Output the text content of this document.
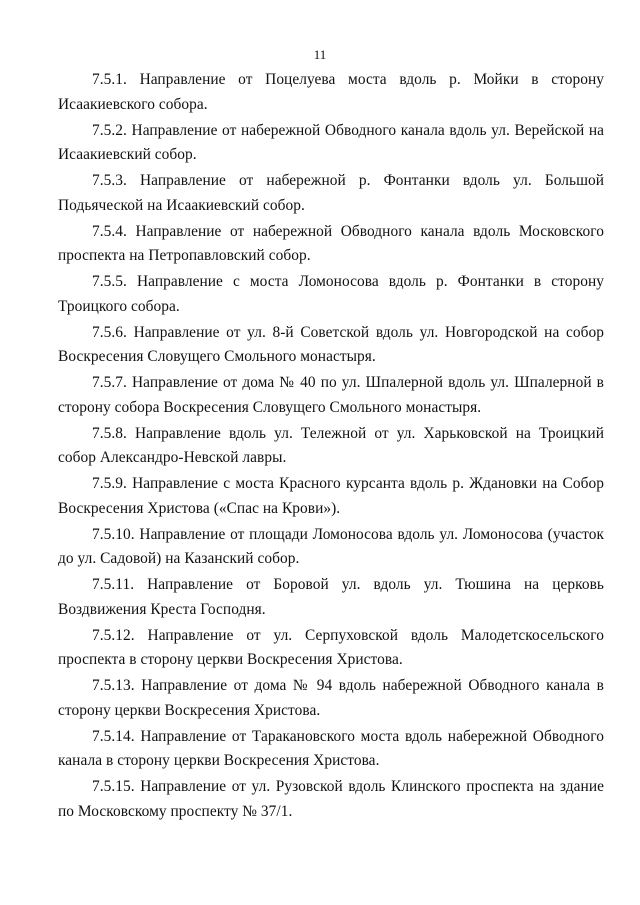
11

7.5.1. Направление от Поцелуева моста вдоль р. Мойки в сторону Исаакиевского собора.

7.5.2. Направление от набережной Обводного канала вдоль ул. Верейской на Исаакиевский собор.

7.5.3. Направление от набережной р. Фонтанки вдоль ул. Большой Подьяческой на Исаакиевский собор.

7.5.4. Направление от набережной Обводного канала вдоль Московского проспекта на Петропавловский собор.

7.5.5. Направление с моста Ломоносова вдоль р. Фонтанки в сторону Троицкого собора.

7.5.6. Направление от ул. 8-й Советской вдоль ул. Новгородской на собор Воскресения Словущего Смольного монастыря.

7.5.7. Направление от дома № 40 по ул. Шпалерной вдоль ул. Шпалерной в сторону собора Воскресения Словущего Смольного монастыря.

7.5.8. Направление вдоль ул. Тележной от ул. Харьковской на Троицкий собор Александро-Невской лавры.

7.5.9. Направление с моста Красного курсанта вдоль р. Ждановки на Собор Воскресения Христова («Спас на Крови»).

7.5.10. Направление от площади Ломоносова вдоль ул. Ломоносова (участок до ул. Садовой) на Казанский собор.

7.5.11. Направление от Боровой ул. вдоль ул. Тюшина на церковь Воздвижения Креста Господня.

7.5.12. Направление от ул. Серпуховской вдоль Малодетскосельского проспекта в сторону церкви Воскресения Христова.

7.5.13. Направление от дома № 94 вдоль набережной Обводного канала в сторону церкви Воскресения Христова.

7.5.14. Направление от Таракановского моста вдоль набережной Обводного канала в сторону церкви Воскресения Христова.

7.5.15. Направление от ул. Рузовской вдоль Клинского проспекта на здание по Московскому проспекту № 37/1.
